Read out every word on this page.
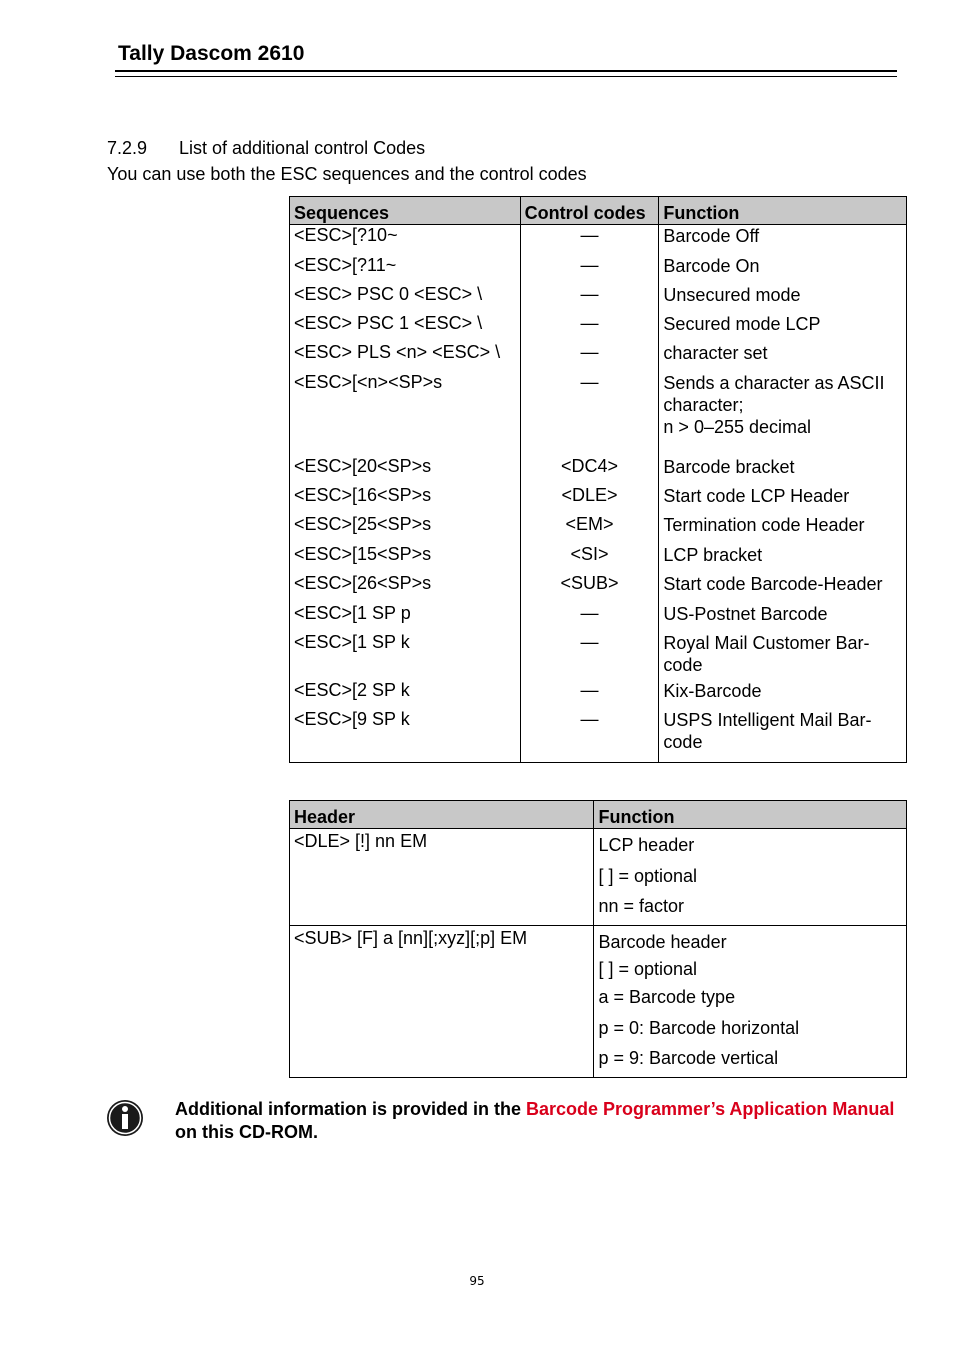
Tally Dascom 2610
7.2.9 List of additional control Codes
You can use both the ESC sequences and the control codes
Sequences	Control codes	Function
<ESC>[?10~	—	Barcode Off

<ESC>[?11~	—	Barcode On

<ESC> PSC 0 <ESC> \	—	Unsecured mode

<ESC> PSC 1 <ESC> \	—	Secured mode LCP

<ESC> PLS <n> <ESC> \	—	character set

<ESC>[<n><SP>s	—	Sends a character as ASCII
character;
n > 0–255 decimal

<ESC>[20<SP>s	<DC4>	Barcode bracket

<ESC>[16<SP>s	<DLE>	Start code LCP Header

<ESC>[25<SP>s	<EM>	Termination code Header

<ESC>[15<SP>s	<SI>	LCP bracket

<ESC>[26<SP>s	<SUB>	Start code Barcode-Header

<ESC>[1 SP p	—	US-Postnet Barcode

<ESC>[1 SP k	—	Royal Mail Customer Bar-
code

<ESC>[2 SP k	—	Kix-Barcode

<ESC>[9 SP k	—	USPS Intelligent Mail Bar-
code
Header	Function
<DLE> [!] nn EM	LCP header
[ ] = optional
nn = factor

<SUB> [F] a [nn][;xyz][;p] EM	Barcode header
[ ] = optional
a = Barcode type
p = 0: Barcode horizontal
p = 9: Barcode vertical
Additional information is provided in the Barcode Programmer’s Application Manual on this CD-ROM.
95
